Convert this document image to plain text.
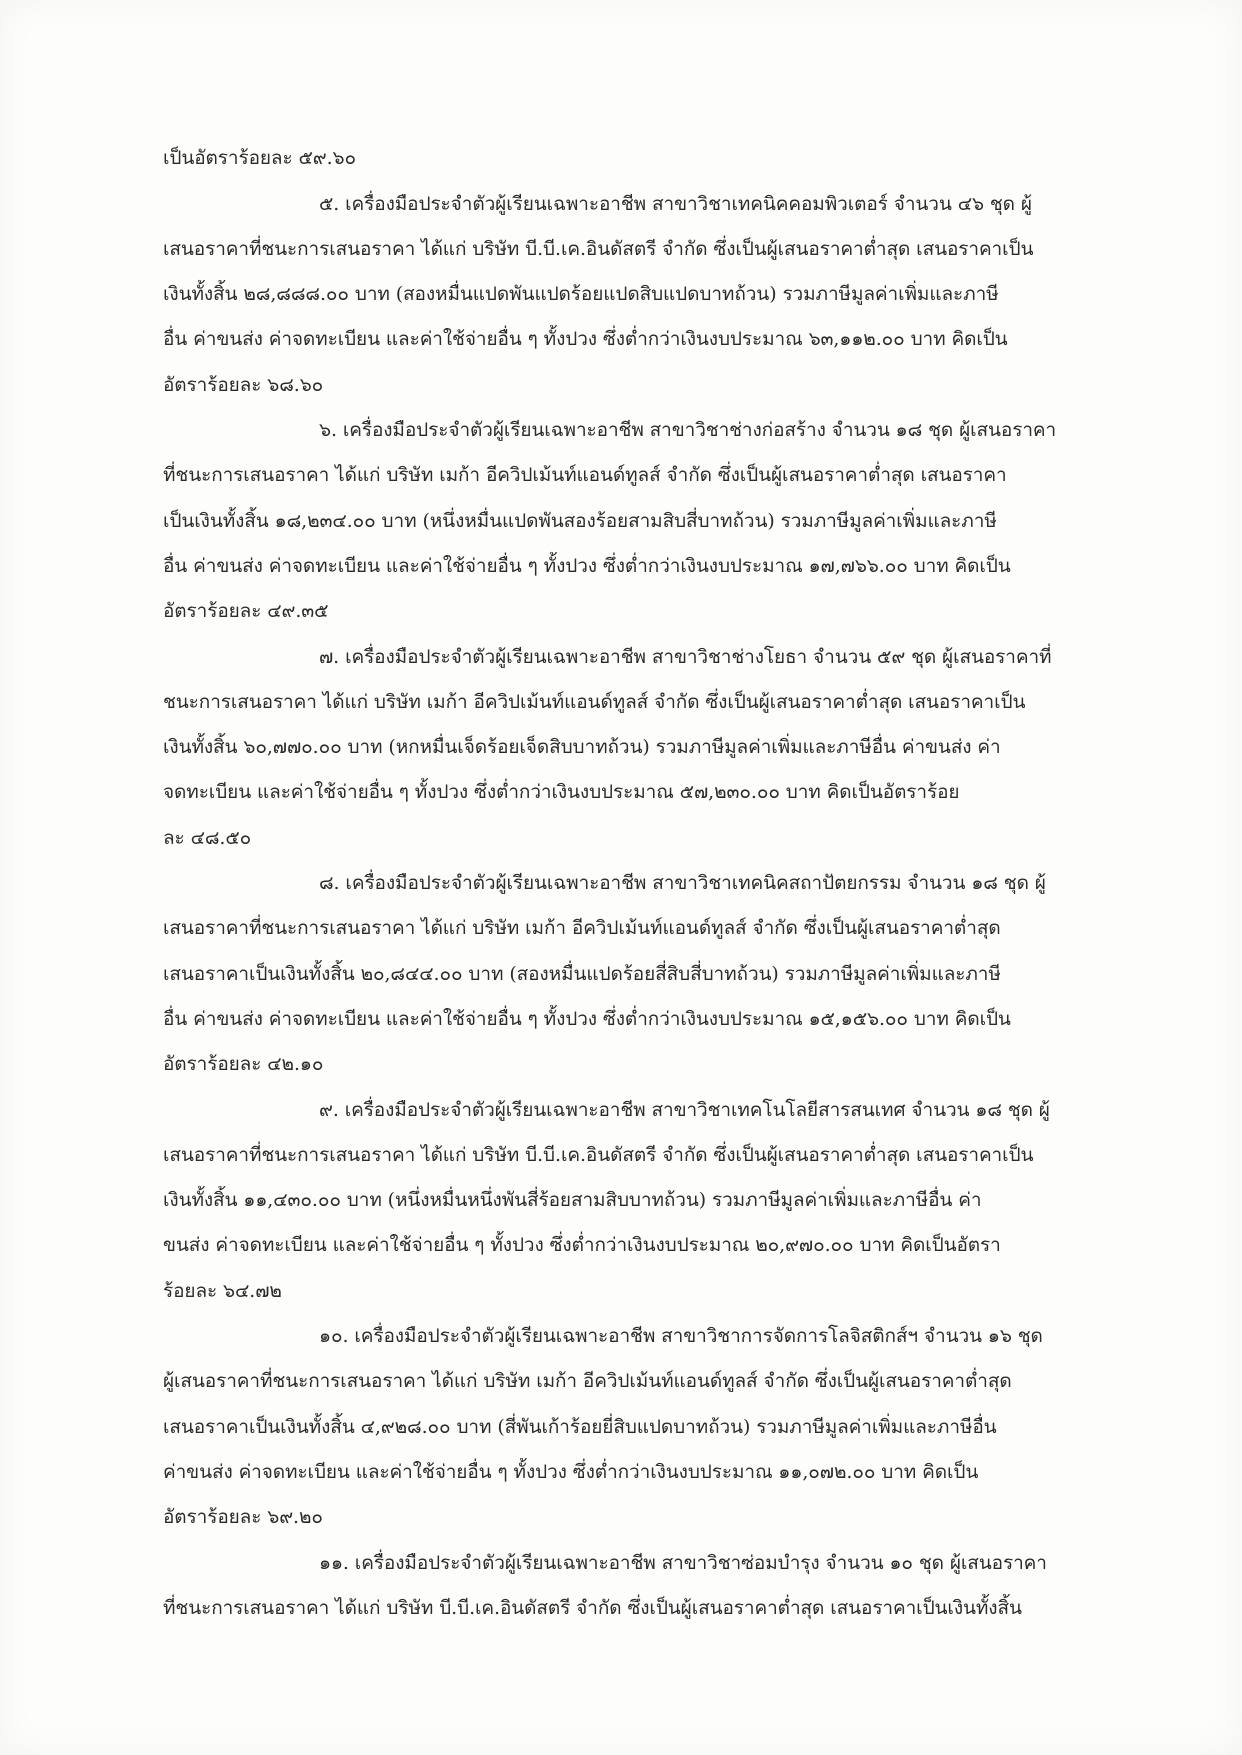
เป็นอัตราร้อยละ ๕๙.๖๐
๕. เครื่องมือประจำตัวผู้เรียนเฉพาะอาชีพ สาขาวิชาเทคนิคคอมพิวเตอร์ จำนวน ๔๖ ชุด ผู้
เสนอราคาที่ชนะการเสนอราคา ได้แก่ บริษัท บี.บี.เค.อินดัสตรี จำกัด ซึ่งเป็นผู้เสนอราคาต่ำสุด เสนอราคาเป็น
เงินทั้งสิ้น ๒๘,๘๘๘.๐๐ บาท (สองหมื่นแปดพันแปดร้อยแปดสิบแปดบาทถ้วน) รวมภาษีมูลค่าเพิ่มและภาษี
อื่น ค่าขนส่ง ค่าจดทะเบียน และค่าใช้จ่ายอื่น ๆ ทั้งปวง ซึ่งต่ำกว่าเงินงบประมาณ ๖๓,๑๑๒.๐๐ บาท คิดเป็น
อัตราร้อยละ ๖๘.๖๐
๖. เครื่องมือประจำตัวผู้เรียนเฉพาะอาชีพ สาขาวิชาช่างก่อสร้าง จำนวน ๑๘ ชุด ผู้เสนอราคา
ที่ชนะการเสนอราคา ได้แก่ บริษัท เมก้า อีควิปเม้นท์แอนด์ทูลส์ จำกัด ซึ่งเป็นผู้เสนอราคาต่ำสุด เสนอราคา
เป็นเงินทั้งสิ้น ๑๘,๒๓๔.๐๐ บาท (หนึ่งหมื่นแปดพันสองร้อยสามสิบสี่บาทถ้วน) รวมภาษีมูลค่าเพิ่มและภาษี
อื่น ค่าขนส่ง ค่าจดทะเบียน และค่าใช้จ่ายอื่น ๆ ทั้งปวง ซึ่งต่ำกว่าเงินงบประมาณ ๑๗,๗๖๖.๐๐ บาท คิดเป็น
อัตราร้อยละ ๔๙.๓๕
๗. เครื่องมือประจำตัวผู้เรียนเฉพาะอาชีพ สาขาวิชาช่างโยธา จำนวน ๕๙ ชุด ผู้เสนอราคาที่
ชนะการเสนอราคา ได้แก่ บริษัท เมก้า อีควิปเม้นท์แอนด์ทูลส์ จำกัด ซึ่งเป็นผู้เสนอราคาต่ำสุด เสนอราคาเป็น
เงินทั้งสิ้น ๖๐,๗๗๐.๐๐ บาท (หกหมื่นเจ็ดร้อยเจ็ดสิบบาทถ้วน) รวมภาษีมูลค่าเพิ่มและภาษีอื่น ค่าขนส่ง ค่า
จดทะเบียน และค่าใช้จ่ายอื่น ๆ ทั้งปวง ซึ่งต่ำกว่าเงินงบประมาณ ๕๗,๒๓๐.๐๐ บาท คิดเป็นอัตราร้อย
ละ ๔๘.๕๐
๘. เครื่องมือประจำตัวผู้เรียนเฉพาะอาชีพ สาขาวิชาเทคนิคสถาปัตยกรรม จำนวน ๑๘ ชุด ผู้
เสนอราคาที่ชนะการเสนอราคา ได้แก่ บริษัท เมก้า อีควิปเม้นท์แอนด์ทูลส์ จำกัด ซึ่งเป็นผู้เสนอราคาต่ำสุด
เสนอราคาเป็นเงินทั้งสิ้น ๒๐,๘๔๔.๐๐ บาท (สองหมื่นแปดร้อยสี่สิบสี่บาทถ้วน) รวมภาษีมูลค่าเพิ่มและภาษี
อื่น ค่าขนส่ง ค่าจดทะเบียน และค่าใช้จ่ายอื่น ๆ ทั้งปวง ซึ่งต่ำกว่าเงินงบประมาณ ๑๕,๑๕๖.๐๐ บาท คิดเป็น
อัตราร้อยละ ๔๒.๑๐
๙. เครื่องมือประจำตัวผู้เรียนเฉพาะอาชีพ สาขาวิชาเทคโนโลยีสารสนเทศ จำนวน ๑๘ ชุด ผู้
เสนอราคาที่ชนะการเสนอราคา ได้แก่ บริษัท บี.บี.เค.อินดัสตรี จำกัด ซึ่งเป็นผู้เสนอราคาต่ำสุด เสนอราคาเป็น
เงินทั้งสิ้น ๑๑,๔๓๐.๐๐ บาท (หนึ่งหมื่นหนึ่งพันสี่ร้อยสามสิบบาทถ้วน) รวมภาษีมูลค่าเพิ่มและภาษีอื่น ค่า
ขนส่ง ค่าจดทะเบียน และค่าใช้จ่ายอื่น ๆ ทั้งปวง ซึ่งต่ำกว่าเงินงบประมาณ ๒๐,๙๗๐.๐๐ บาท คิดเป็นอัตรา
ร้อยละ ๖๔.๗๒
๑๐. เครื่องมือประจำตัวผู้เรียนเฉพาะอาชีพ สาขาวิชาการจัดการโลจิสติกส์ฯ จำนวน ๑๖ ชุด
ผู้เสนอราคาที่ชนะการเสนอราคา ได้แก่ บริษัท เมก้า อีควิปเม้นท์แอนด์ทูลส์ จำกัด ซึ่งเป็นผู้เสนอราคาต่ำสุด
เสนอราคาเป็นเงินทั้งสิ้น ๔,๙๒๘.๐๐ บาท (สี่พันเก้าร้อยยี่สิบแปดบาทถ้วน) รวมภาษีมูลค่าเพิ่มและภาษีอื่น
ค่าขนส่ง ค่าจดทะเบียน และค่าใช้จ่ายอื่น ๆ ทั้งปวง ซึ่งต่ำกว่าเงินงบประมาณ ๑๑,๐๗๒.๐๐ บาท คิดเป็น
อัตราร้อยละ ๖๙.๒๐
๑๑. เครื่องมือประจำตัวผู้เรียนเฉพาะอาชีพ สาขาวิชาซ่อมบำรุง จำนวน ๑๐ ชุด ผู้เสนอราคา
ที่ชนะการเสนอราคา ได้แก่ บริษัท บี.บี.เค.อินดัสตรี จำกัด ซึ่งเป็นผู้เสนอราคาต่ำสุด เสนอราคาเป็นเงินทั้งสิ้น
